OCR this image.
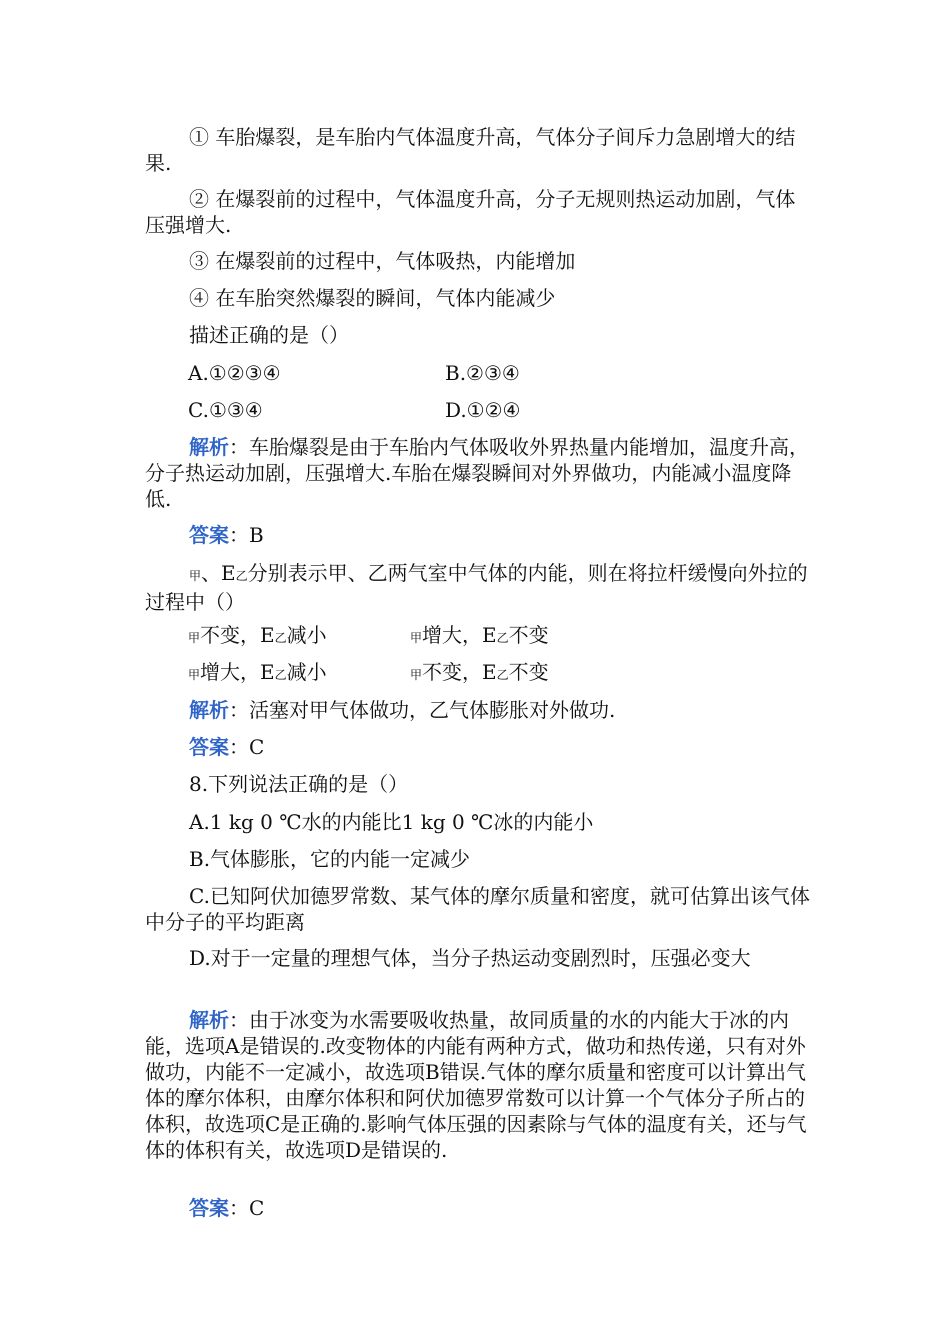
① 车胎爆裂，是车胎内气体温度升高，气体分子间斥力急剧增大的结果.
② 在爆裂前的过程中，气体温度升高，分子无规则热运动加剧，气体压强增大.
③ 在爆裂前的过程中，气体吸热，内能增加
④ 在车胎突然爆裂的瞬间，气体内能减少
描述正确的是（）
A.①②③④	B.②③④
C.①③④	D.①②④
解析：车胎爆裂是由于车胎内气体吸收外界热量内能增加，温度升高，分子热运动加剧，压强增大.车胎在爆裂瞬间对外界做功，内能减小温度降低.
答案：B
甲、E乙分别表示甲、乙两气室中气体的内能，则在将拉杆缓慢向外拉的过程中（）
甲不变，E乙减小	甲增大，E乙不变
甲增大，E乙减小	甲不变，E乙不变
解析：活塞对甲气体做功，乙气体膨胀对外做功.
答案：C
8.下列说法正确的是（）
A.1 kg 0 ℃水的内能比1 kg 0 ℃冰的内能小
B.气体膨胀，它的内能一定减少
C.已知阿伏加德罗常数、某气体的摩尔质量和密度，就可估算出该气体中分子的平均距离
D.对于一定量的理想气体，当分子热运动变剧烈时，压强必变大
解析：由于冰变为水需要吸收热量，故同质量的水的内能大于冰的内能，选项A是错误的.改变物体的内能有两种方式，做功和热传递，只有对外做功，内能不一定减小，故选项B错误.气体的摩尔质量和密度可以计算出气体的摩尔体积，由摩尔体积和阿伏加德罗常数可以计算一个气体分子所占的体积，故选项C是正确的.影响气体压强的因素除与气体的温度有关，还与气体的体积有关，故选项D是错误的.
答案：C
